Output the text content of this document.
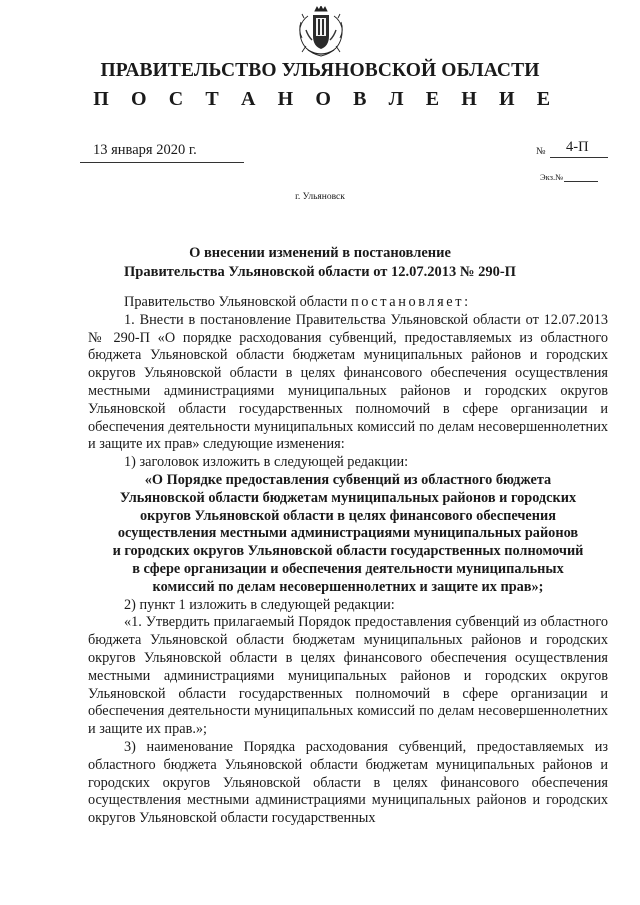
ПРАВИТЕЛЬСТВО УЛЬЯНОВСКОЙ ОБЛАСТИ
П О С Т А Н О В Л Е Н И Е
13 января 2020 г.	№ 4-П
Экз.№
г. Ульяновск
О внесении изменений в постановление
Правительства Ульяновской области от 12.07.2013 № 290-П

Правительство Ульяновской области постановляет:

1. Внести в постановление Правительства Ульяновской области от 12.07.2013 № 290-П «О порядке расходования субвенций, предоставляемых из областного бюджета Ульяновской области бюджетам муниципальных районов и городских округов Ульяновской области в целях финансового обеспечения осуществления местными администрациями муниципальных районов и городских округов Ульяновской области государственных полномочий в сфере организации и обеспечения деятельности муниципальных комиссий по делам несовершеннолетних и защите их прав» следующие изменения:

1) заголовок изложить в следующей редакции:

«О Порядке предоставления субвенций из областного бюджета
Ульяновской области бюджетам муниципальных районов и городских
округов Ульяновской области в целях финансового обеспечения
осуществления местными администрациями муниципальных районов
и городских округов Ульяновской области государственных полномочий
в сфере организации и обеспечения деятельности муниципальных
комиссий по делам несовершеннолетних и защите их прав»;

2) пункт 1 изложить в следующей редакции:

«1. Утвердить прилагаемый Порядок предоставления субвенций из областного бюджета Ульяновской области бюджетам муниципальных районов и городских округов Ульяновской области в целях финансового обеспечения осуществления местными администрациями муниципальных районов и городских округов Ульяновской области государственных полномочий в сфере организации и обеспечения деятельности муниципальных комиссий по делам несовершеннолетних и защите их прав.»;

3) наименование Порядка расходования субвенций, предоставляемых из областного бюджета Ульяновской области бюджетам муниципальных районов и городских округов Ульяновской области в целях финансового обеспечения осуществления местными администрациями муниципальных районов и городских округов Ульяновской области государственных
